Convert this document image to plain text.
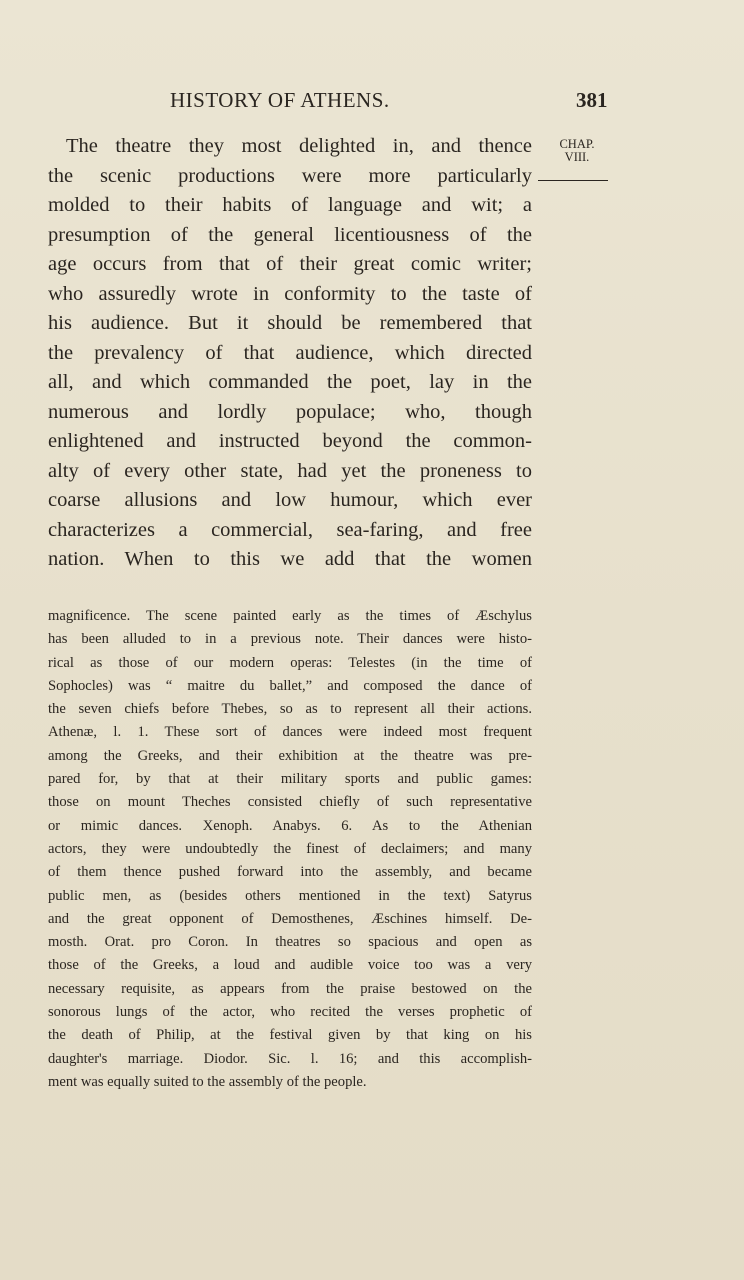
HISTORY OF ATHENS.	381
CHAP.
VIII.
The theatre they most delighted in, and thence
the scenic productions were more particularly
molded to their habits of language and wit; a
presumption of the general licentiousness of the
age occurs from that of their great comic writer;
who assuredly wrote in conformity to the taste of
his audience. But it should be remembered that
the prevalency of that audience, which directed
all, and which commanded the poet, lay in the
numerous and lordly populace; who, though
enlightened and instructed beyond the common-
alty of every other state, had yet the proneness to
coarse allusions and low humour, which ever
characterizes a commercial, sea-faring, and free
nation. When to this we add that the women
magnificence. The scene painted early as the times of Æschylus
has been alluded to in a previous note. Their dances were histo-
rical as those of our modern operas: Telestes (in the time of
Sophocles) was “ maitre du ballet,” and composed the dance of
the seven chiefs before Thebes, so as to represent all their actions.
Athenæ, l. 1. These sort of dances were indeed most frequent
among the Greeks, and their exhibition at the theatre was pre-
pared for, by that at their military sports and public games:
those on mount Theches consisted chiefly of such representative
or mimic dances. Xenoph. Anabys. 6. As to the Athenian
actors, they were undoubtedly the finest of declaimers; and many
of them thence pushed forward into the assembly, and became
public men, as (besides others mentioned in the text) Satyrus
and the great opponent of Demosthenes, Æschines himself. De-
mosth. Orat. pro Coron. In theatres so spacious and open as
those of the Greeks, a loud and audible voice too was a very
necessary requisite, as appears from the praise bestowed on the
sonorous lungs of the actor, who recited the verses prophetic of
the death of Philip, at the festival given by that king on his
daughter's marriage. Diodor. Sic. l. 16; and this accomplish-
ment was equally suited to the assembly of the people.
